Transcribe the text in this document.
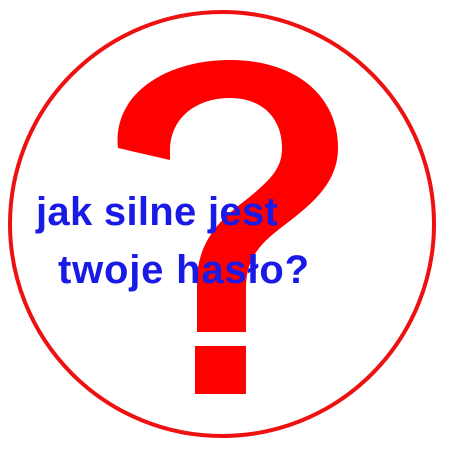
jak silne jest
twoje hasło?
